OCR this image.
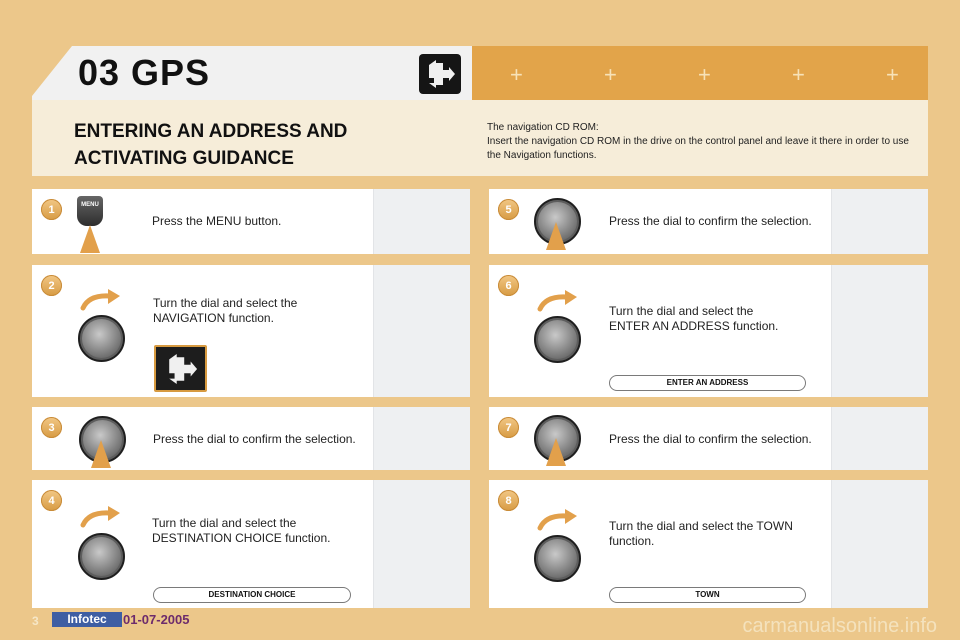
+	+	+	+	+
03 GPS
ENTERING AN ADDRESS AND
ACTIVATING GUIDANCE
The navigation CD ROM:
Insert the navigation CD ROM in the drive on the control panel and leave it there in order to use the Navigation functions.
1
Press the MENU button.
MENU
2
Turn the dial and select the
NAVIGATION function.
3
Press the dial to confirm the selection.
4
Turn the dial and select the
DESTINATION CHOICE function.
DESTINATION CHOICE
5
Press the dial to confirm the selection.
6
Turn the dial and select the
ENTER AN ADDRESS function.
ENTER AN ADDRESS
7
Press the dial to confirm the selection.
8
Turn the dial and select the TOWN
function.
TOWN
3	Infotec	01-07-2005	carmanualsonline.info
